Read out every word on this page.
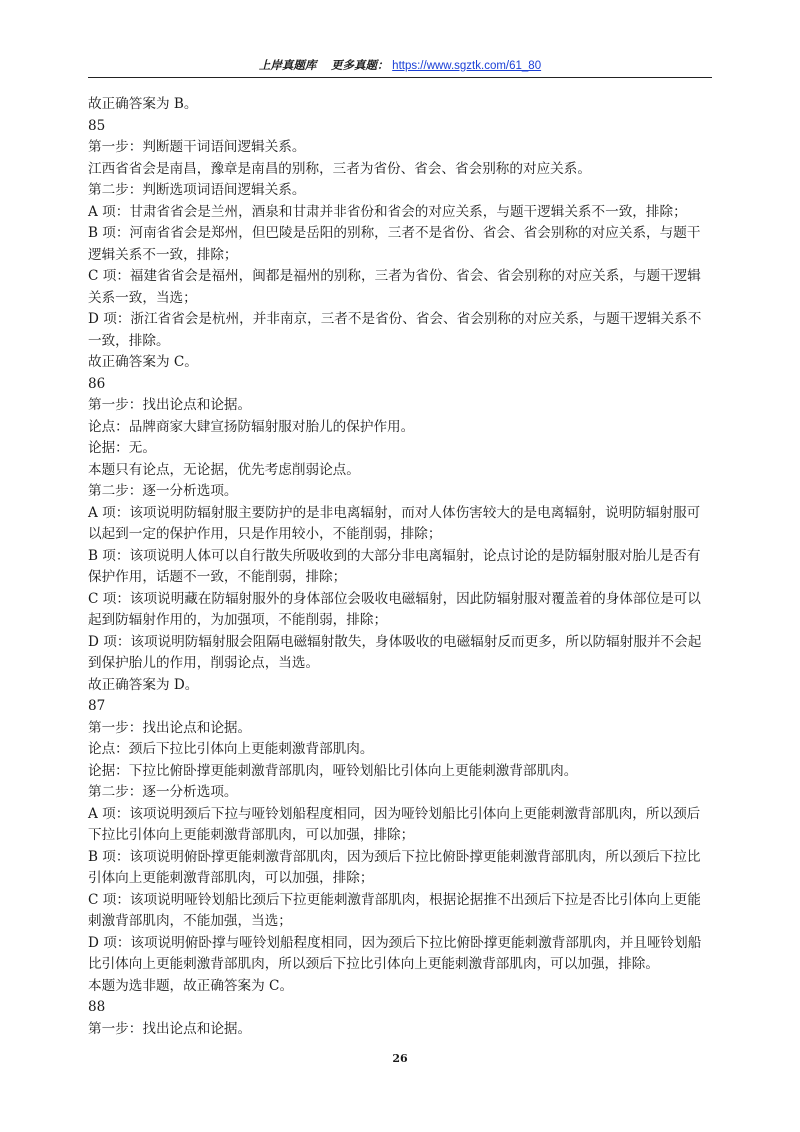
上岸真题库 更多真题： https://www.sgztk.com/61_80

故正确答案为 B。

85

第一步：判断题干词语间逻辑关系。

江西省省会是南昌，豫章是南昌的别称，三者为省份、省会、省会别称的对应关系。

第二步：判断选项词语间逻辑关系。

A 项：甘肃省省会是兰州，酒泉和甘肃并非省份和省会的对应关系，与题干逻辑关系不一致，排除；

B 项：河南省省会是郑州，但巴陵是岳阳的别称，三者不是省份、省会、省会别称的对应关系，与题干逻辑关系不一致，排除；

C 项：福建省省会是福州，闽都是福州的别称，三者为省份、省会、省会别称的对应关系，与题干逻辑关系一致，当选；

D 项：浙江省省会是杭州，并非南京，三者不是省份、省会、省会别称的对应关系，与题干逻辑关系不一致，排除。

故正确答案为 C。

86

第一步：找出论点和论据。

论点：品牌商家大肆宣扬防辐射服对胎儿的保护作用。

论据：无。

本题只有论点，无论据，优先考虑削弱论点。

第二步：逐一分析选项。

A 项：该项说明防辐射服主要防护的是非电离辐射，而对人体伤害较大的是电离辐射，说明防辐射服可以起到一定的保护作用，只是作用较小，不能削弱，排除；

B 项：该项说明人体可以自行散失所吸收到的大部分非电离辐射，论点讨论的是防辐射服对胎儿是否有保护作用，话题不一致，不能削弱，排除；

C 项：该项说明藏在防辐射服外的身体部位会吸收电磁辐射，因此防辐射服对覆盖着的身体部位是可以起到防辐射作用的，为加强项，不能削弱，排除；

D 项：该项说明防辐射服会阻隔电磁辐射散失，身体吸收的电磁辐射反而更多，所以防辐射服并不会起到保护胎儿的作用，削弱论点，当选。

故正确答案为 D。

87

第一步：找出论点和论据。

论点：颈后下拉比引体向上更能刺激背部肌肉。

论据：下拉比俯卧撑更能刺激背部肌肉，哑铃划船比引体向上更能刺激背部肌肉。

第二步：逐一分析选项。

A 项：该项说明颈后下拉与哑铃划船程度相同，因为哑铃划船比引体向上更能刺激背部肌肉，所以颈后下拉比引体向上更能刺激背部肌肉，可以加强，排除；

B 项：该项说明俯卧撑更能刺激背部肌肉，因为颈后下拉比俯卧撑更能刺激背部肌肉，所以颈后下拉比引体向上更能刺激背部肌肉，可以加强，排除；

C 项：该项说明哑铃划船比颈后下拉更能刺激背部肌肉，根据论据推不出颈后下拉是否比引体向上更能刺激背部肌肉，不能加强，当选；

D 项：该项说明俯卧撑与哑铃划船程度相同，因为颈后下拉比俯卧撑更能刺激背部肌肉，并且哑铃划船比引体向上更能刺激背部肌肉，所以颈后下拉比引体向上更能刺激背部肌肉，可以加强，排除。

本题为选非题，故正确答案为 C。

88

第一步：找出论点和论据。

26
